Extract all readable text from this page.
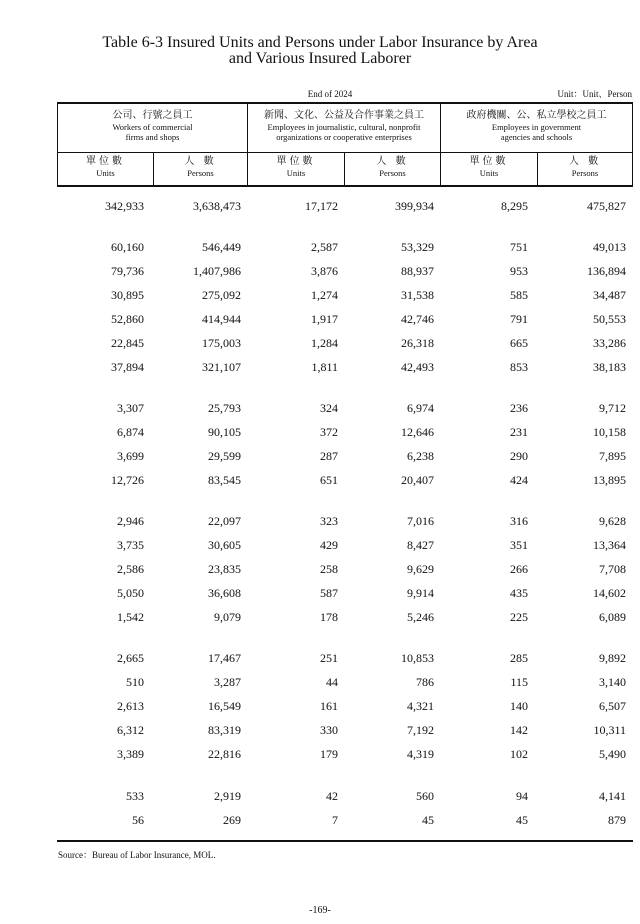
Table 6-3 Insured Units and Persons under Labor Insurance by Area
and Various Insured Laborer
End of 2024	Unit：Unit、Person
公司、行號之員工
Workers of commercial
firms and shops
新聞、文化、公益及合作事業之員工
Employees in journalistic, cultural, nonprofit
organizations or cooperative enterprises
政府機關、公、私立學校之員工
Employees in government
agencies and schools
單位數
Units
人 數
Persons
單位數
Units
人 數
Persons
單位數
Units
人 數
Persons
342,933	3,638,473	17,172	399,934	8,295	475,827
60,160	546,449	2,587	53,329	751	49,013
79,736	1,407,986	3,876	88,937	953	136,894
30,895	275,092	1,274	31,538	585	34,487
52,860	414,944	1,917	42,746	791	50,553
22,845	175,003	1,284	26,318	665	33,286
37,894	321,107	1,811	42,493	853	38,183
3,307	25,793	324	6,974	236	9,712
6,874	90,105	372	12,646	231	10,158
3,699	29,599	287	6,238	290	7,895
12,726	83,545	651	20,407	424	13,895
2,946	22,097	323	7,016	316	9,628
3,735	30,605	429	8,427	351	13,364
2,586	23,835	258	9,629	266	7,708
5,050	36,608	587	9,914	435	14,602
1,542	9,079	178	5,246	225	6,089
2,665	17,467	251	10,853	285	9,892
510	3,287	44	786	115	3,140
2,613	16,549	161	4,321	140	6,507
6,312	83,319	330	7,192	142	10,311
3,389	22,816	179	4,319	102	5,490
533	2,919	42	560	94	4,141
56	269	7	45	45	879
Source：Bureau of Labor Insurance, MOL.
-169-
